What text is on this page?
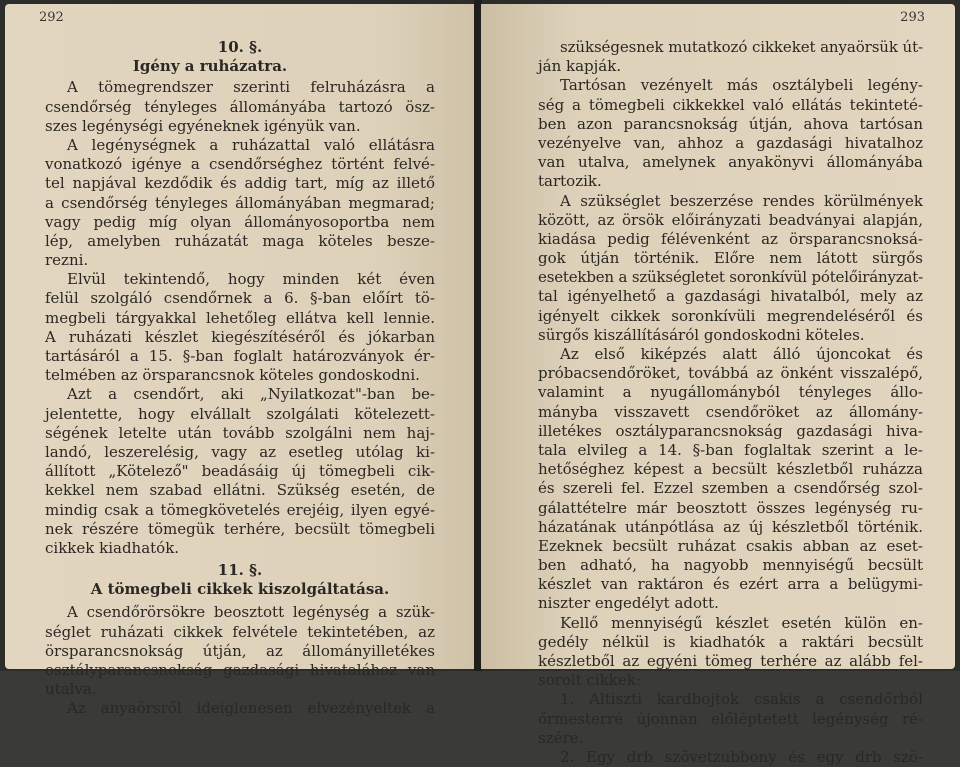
292
10. §.
Igény a ruházatra.
A tömegrendszer szerinti felruházásra a
csendőrség tényleges állományába tartozó ösz-
szes legénységi egyéneknek igényük van.
A legénységnek a ruházattal való ellátásra
vonatkozó igénye a csendőrséghez történt felvé-
tel napjával kezdődik és addig tart, míg az illető
a csendőrség tényleges állományában megmarad;
vagy pedig míg olyan állományosoportba nem
lép, amelyben ruházatát maga köteles besze-
rezni.
Elvül tekintendő, hogy minden két éven
felül szolgáló csendőrnek a 6. §-ban előírt tö-
megbeli tárgyakkal lehetőleg ellátva kell lennie.
A ruházati készlet kiegészítéséről és jókarban
tartásáról a 15. §-ban foglalt határozványok ér-
telmében az örsparancsnok köteles gondoskodni.
Azt a csendőrt, aki „Nyilatkozat"-ban be-
jelentette, hogy elvállalt szolgálati kötelezett-
ségének letelte után tovább szolgálni nem haj-
landó, leszerelésig, vagy az esetleg utólag ki-
állított „Kötelező" beadásáig új tömegbeli cik-
kekkel nem szabad ellátni. Szükség esetén, de
mindig csak a tömegkövetelés erejéig, ilyen egyé-
nek részére tömegük terhére, becsült tömegbeli
cikkek kiadhatók.
11. §.
A tömegbeli cikkek kiszolgáltatása.
A csendőrörsökre beosztott legénység a szük-
séglet ruházati cikkek felvétele tekintetében, az
örsparancsnokság útján, az állományilletékes
osztályparancsnokság gazdasági hivatalához van
utalva.
Az anyaörsről ideiglenesen elvezényeltek a
293
szükségesnek mutatkozó cikkeket anyaörsük út-
ján kapják.
Tartósan vezényelt más osztálybeli legény-
ség a tömegbeli cikkekkel való ellátás tekinteté-
ben azon parancsnokság útján, ahova tartósan
vezényelve van, ahhoz a gazdasági hivatalhoz
van utalva, amelynek anyakönyvi állományába
tartozik.
A szükséglet beszerzése rendes körülmények
között, az örsök előirányzati beadványai alapján,
kiadása pedig félévenként az örsparancsnoksá-
gok útján történik. Előre nem látott sürgős
esetekben a szükségletet soronkívül pótelőirányzat-
tal igényelhető a gazdasági hivatalból, mely az
igényelt cikkek soronkívüli megrendeléséről és
sürgős kiszállításáról gondoskodni köteles.
Az első kiképzés alatt álló újoncokat és
próbacsendőröket, továbbá az önként visszalépő,
valamint a nyugállományból tényleges állo-
mányba visszavett csendőröket az állomány-
illetékes osztályparancsnokság gazdasági hiva-
tala elvileg a 14. §-ban foglaltak szerint a le-
hetőséghez képest a becsült készletből ruházza
és szereli fel. Ezzel szemben a csendőrség szol-
gálattételre már beosztott összes legénység ru-
házatának utánpótlása az új készletből történik.
Ezeknek becsült ruházat csakis abban az eset-
ben adható, ha nagyobb mennyiségű becsült
készlet van raktáron és ezért arra a belügymi-
niszter engedélyt adott.
Kellő mennyiségű készlet esetén külön en-
gedély nélkül is kiadhatók a raktári becsült
készletből az egyéni tömeg terhére az alább fel-
sorolt cikkek:
1. Altiszti kardbojtok csakis a csendőrből
őrmesterré újonnan előléptetett legénység ré-
szére.
2. Egy drb szövetzubbony és egy drb szö-
